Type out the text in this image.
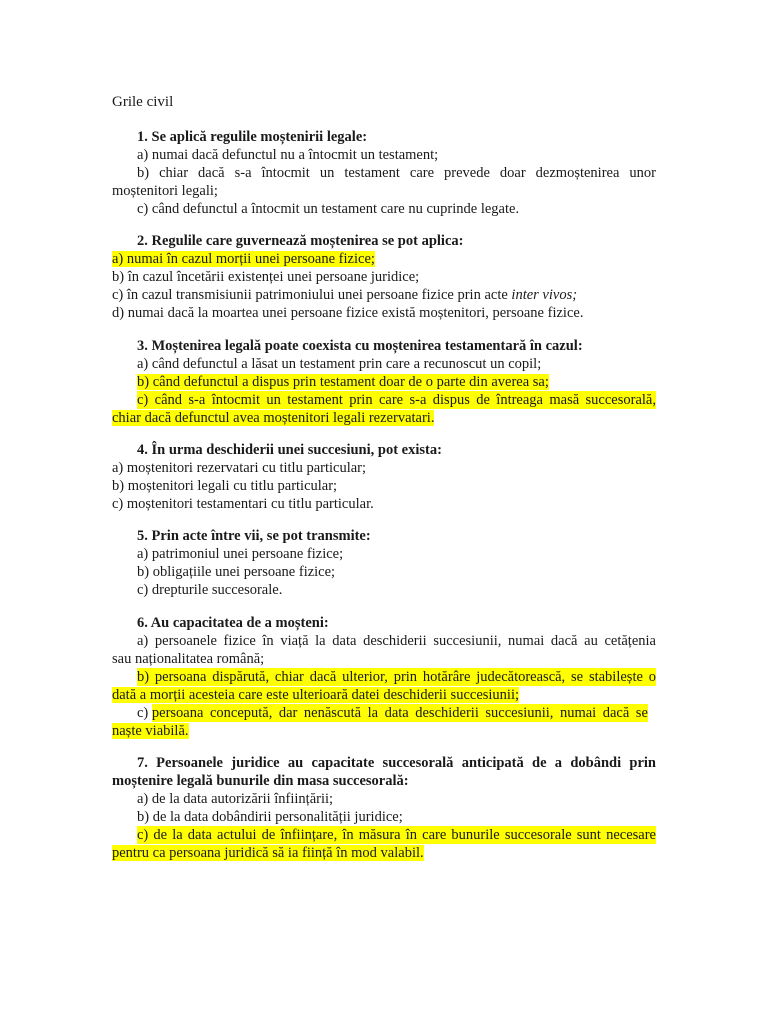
Grile civil
1. Se aplică regulile moștenirii legale:
a) numai dacă defunctul nu a întocmit un testament;
b) chiar dacă s-a întocmit un testament care prevede doar dezmoștenirea unor
moștenitori legali;
c) când defunctul a întocmit un testament care nu cuprinde legate.
2. Regulile care guvernează moștenirea se pot aplica:
a) numai în cazul morții unei persoane fizice;
b) în cazul încetării existenței unei persoane juridice;
c) în cazul transmisiunii patrimoniului unei persoane fizice prin acte inter vivos;
d) numai dacă la moartea unei persoane fizice există moștenitori, persoane fizice.
3. Moștenirea legală poate coexista cu moștenirea testamentară în cazul:
a) când defunctul a lăsat un testament prin care a recunoscut un copil;
b) când defunctul a dispus prin testament doar de o parte din averea sa;
c) când s-a întocmit un testament prin care s-a dispus de întreaga masă succesorală,
chiar dacă defunctul avea moștenitori legali rezervatari.
4. În urma deschiderii unei succesiuni, pot exista:
a) moștenitori rezervatari cu titlu particular;
b) moștenitori legali cu titlu particular;
c) moștenitori testamentari cu titlu particular.
5. Prin acte între vii, se pot transmite:
a) patrimoniul unei persoane fizice;
b) obligațiile unei persoane fizice;
c) drepturile succesorale.
6. Au capacitatea de a moșteni:
a) persoanele fizice în viață la data deschiderii succesiunii, numai dacă au cetățenia
sau naționalitatea română;
b) persoana dispărută, chiar dacă ulterior, prin hotărâre judecătorească, se stabilește o
dată a morții acesteia care este ulterioară datei deschiderii succesiunii;
c) persoana concepută, dar nenăscută la data deschiderii succesiunii, numai dacă se
naște viabilă.
7. Persoanele juridice au capacitate succesorală anticipată de a dobândi prin
moștenire legală bunurile din masa succesorală:
a) de la data autorizării înființării;
b) de la data dobândirii personalității juridice;
c) de la data actului de înființare, în măsura în care bunurile succesorale sunt necesare
pentru ca persoana juridică să ia ființă în mod valabil.
